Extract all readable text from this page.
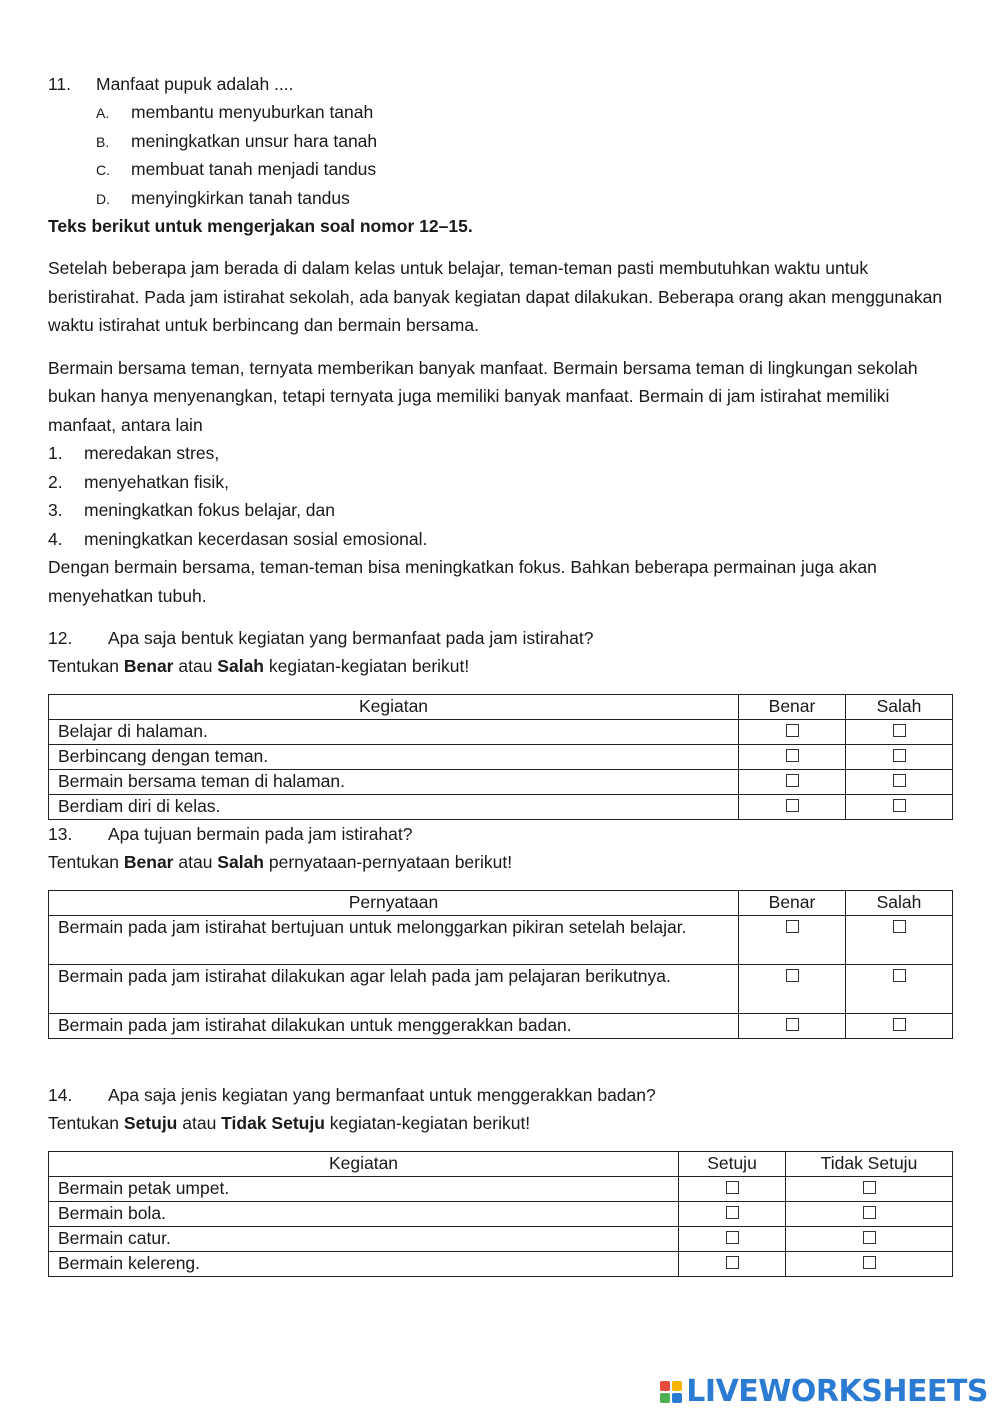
11. Manfaat pupuk adalah ....
A. membantu menyuburkan tanah
B. meningkatkan unsur hara tanah
C. membuat tanah menjadi tandus
D. menyingkirkan tanah tandus
Teks berikut untuk mengerjakan soal nomor 12–15.

Setelah beberapa jam berada di dalam kelas untuk belajar, teman-teman pasti membutuhkan waktu untuk beristirahat. Pada jam istirahat sekolah, ada banyak kegiatan dapat dilakukan. Beberapa orang akan menggunakan waktu istirahat untuk berbincang dan bermain bersama.

Bermain bersama teman, ternyata memberikan banyak manfaat. Bermain bersama teman di lingkungan sekolah bukan hanya menyenangkan, tetapi ternyata juga memiliki banyak manfaat. Bermain di jam istirahat memiliki manfaat, antara lain

1. meredakan stres,
2. menyehatkan fisik,
3. meningkatkan fokus belajar, dan
4. meningkatkan kecerdasan sosial emosional.

Dengan bermain bersama, teman-teman bisa meningkatkan fokus. Bahkan beberapa permainan juga akan menyehatkan tubuh.

12. Apa saja bentuk kegiatan yang bermanfaat pada jam istirahat?
Tentukan Benar atau Salah kegiatan-kegiatan berikut!
Kegiatan	Benar	Salah
Belajar di halaman.		
Berbincang dengan teman.		
Bermain bersama teman di halaman.		
Berdiam diri di kelas.		
13. Apa tujuan bermain pada jam istirahat?
Tentukan Benar atau Salah pernyataan-pernyataan berikut!
Pernyataan	Benar	Salah
Bermain pada jam istirahat bertujuan untuk melonggarkan pikiran setelah belajar.		
Bermain pada jam istirahat dilakukan agar lelah pada jam pelajaran berikutnya.		
Bermain pada jam istirahat dilakukan untuk menggerakkan badan.		
14. Apa saja jenis kegiatan yang bermanfaat untuk menggerakkan badan?
Tentukan Setuju atau Tidak Setuju kegiatan-kegiatan berikut!
Kegiatan	Setuju	Tidak Setuju
Bermain petak umpet.		
Bermain bola.		
Bermain catur.		
Bermain kelereng.		
LIVEWORKSHEETS
